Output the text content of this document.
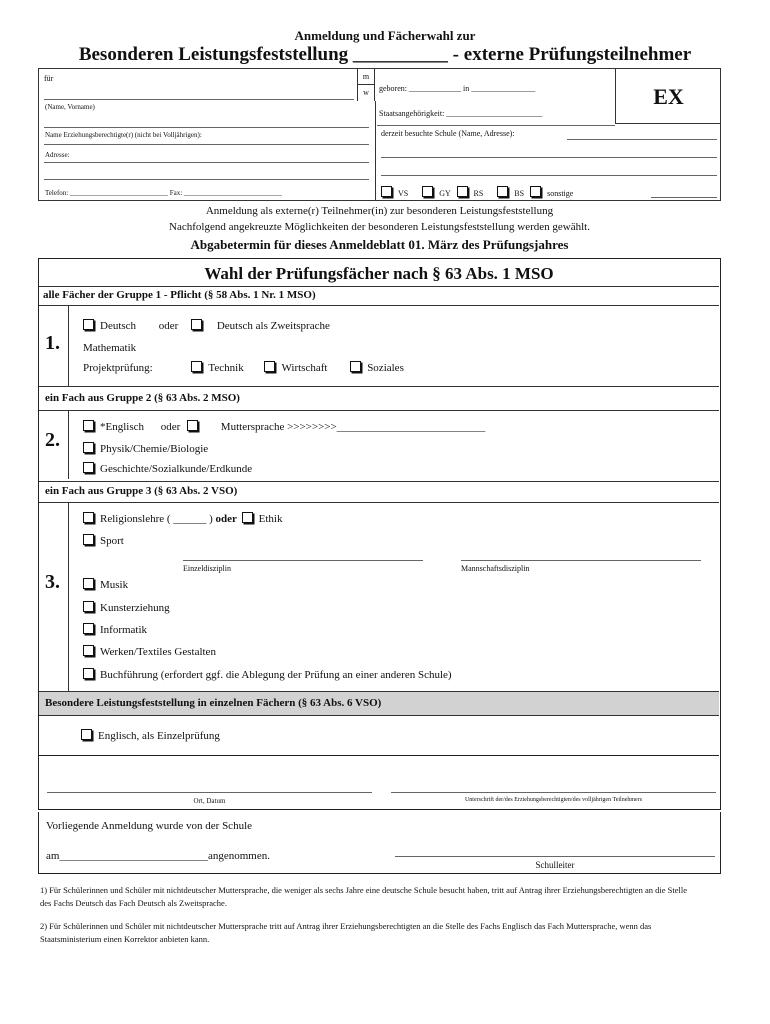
Anmeldung und Fächerwahl zur
Besonderen Leistungsfeststellung __________ - externe Prüfungsteilnehmer
für
(Name, Vorname)
Name Erziehungsberechtigte(r) (nicht bei Volljährigen):
Adresse:
Telefon: ____________________________ Fax: ____________________________
m
w	geboren: _____________ in ________________
Staatsangehörigkeit: ________________________
EX
derzeit besuchte Schule (Name, Adresse):
VS	GY	RS	BS	sonstige
Anmeldung als externe(r) Teilnehmer(in) zur besonderen Leistungsfeststellung
Nachfolgend angekreuzte Möglichkeiten der besonderen Leistungsfeststellung werden gewählt.
Abgabetermin für dieses Anmeldeblatt 01. März des Prüfungsjahres
Wahl der Prüfungsfächer nach § 63 Abs. 1 MSO
alle Fächer der Gruppe 1 - Pflicht (§ 58 Abs. 1 Nr. 1 MSO)
1.
Deutsch oder	Deutsch als Zweitsprache
Mathematik
Projektprüfung:	Technik	Wirtschaft	Soziales
ein Fach aus Gruppe 2 (§ 63 Abs. 2 MSO)
2.
*Englisch oder	Muttersprache >>>>>>>>___________________________
Physik/Chemie/Biologie
Geschichte/Sozialkunde/Erdkunde
ein Fach aus Gruppe 3 (§ 63 Abs. 2 VSO)
3.
Religionslehre ( ______ ) oder Ethik
Sport
Einzeldisziplin	Mannschaftsdisziplin
Musik
Kunsterziehung
Informatik
Werken/Textiles Gestalten
Buchführung (erfordert ggf. die Ablegung der Prüfung an einer anderen Schule)
Besondere Leistungsfeststellung in einzelnen Fächern (§ 63 Abs. 6 VSO)
Englisch, als Einzelprüfung
Ort, Datum	Unterschrift der/des Erziehungsberechtigten/des volljährigen Teilnehmers
Vorliegende Anmeldung wurde von der Schule
am___________________________angenommen.
Schulleiter
1) Für Schülerinnen und Schüler mit nichtdeutscher Muttersprache, die weniger als sechs Jahre eine deutsche Schule besucht haben, tritt auf Antrag ihrer Erziehungsberechtigten an die Stelle des Fachs Deutsch das Fach Deutsch als Zweitsprache.
2) Für Schülerinnen und Schüler mit nichtdeutscher Muttersprache tritt auf Antrag ihrer Erziehungsberechtigten an die Stelle des Fachs Englisch das Fach Muttersprache, wenn das Staatsministerium einen Korrektor anbieten kann.
